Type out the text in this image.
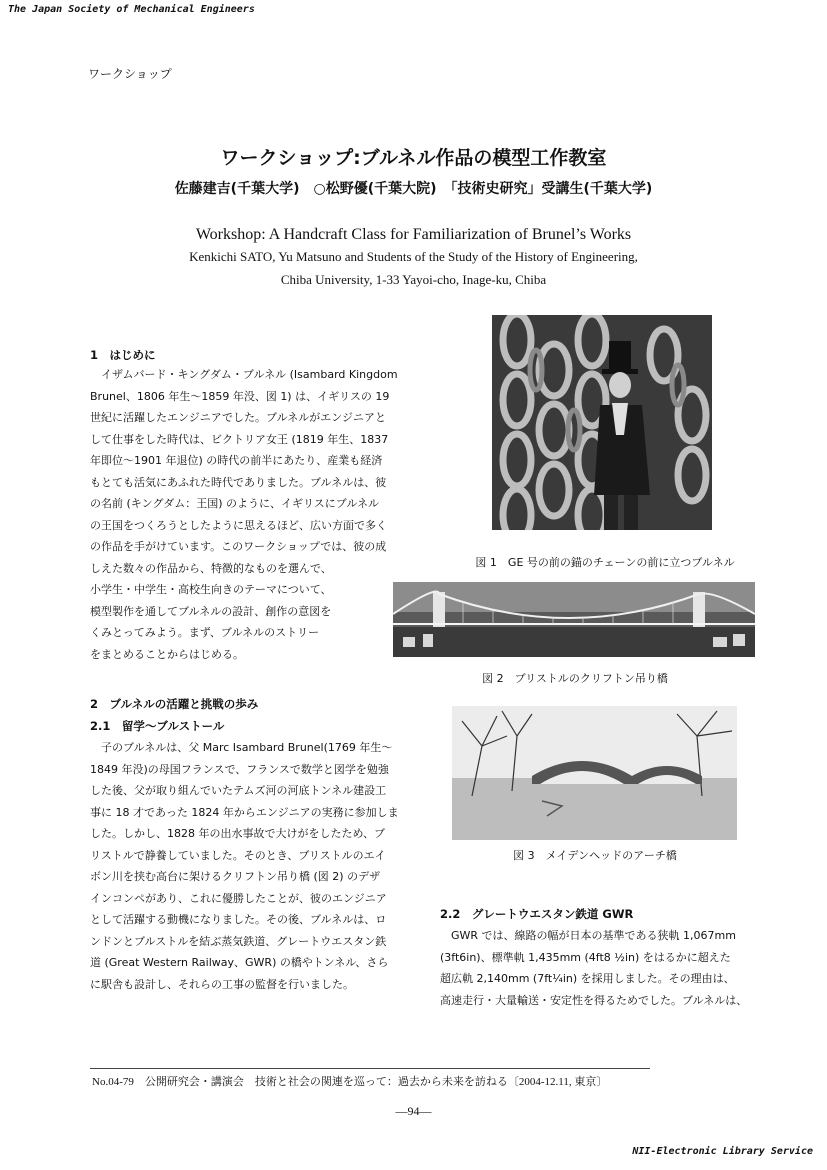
The Japan Society of Mechanical Engineers
ワークショップ
ワークショップ:ブルネル作品の模型工作教室
佐藤建吉(千葉大学)　○松野優(千葉大院)　「技術史研究」受講生(千葉大学)
Workshop: A Handcraft Class for Familiarization of Brunel’s Works
Kenkichi SATO, Yu Matsuno and Students of the Study of the History of Engineering,
Chiba University, 1-33 Yayoi-cho, Inage-ku, Chiba
1　はじめに
　イザムバード・キングダム・ブルネル (Isambard Kingdom
Brunel、1806 年生～1859 年没、図 1) は、イギリスの 19
世紀に活躍したエンジニアでした。ブルネルがエンジニアと
して仕事をした時代は、ビクトリア女王 (1819 年生、1837
年即位～1901 年退位) の時代の前半にあたり、産業も経済
もとても活気にあふれた時代でありました。ブルネルは、彼
の名前 (キングダム：王国) のように、イギリスにブルネル
の王国をつくろうとしたように思えるほど、広い方面で多く
の作品を手がけています。このワークショップでは、彼の成
しえた数々の作品から、特徴的なものを選んで、
小学生・中学生・高校生向きのテーマについて、
模型製作を通してブルネルの設計、創作の意図を
くみとってみよう。まず、ブルネルのストリー
をまとめることからはじめる。
2　ブルネルの活躍と挑戦の歩み
2.1　留学～ブルストール
　子のブルネルは、父 Marc Isambard Brunel(1769 年生～
1849 年没)の母国フランスで、フランスで数学と図学を勉強
した後、父が取り組んでいたテムズ河の河底トンネル建設工
事に 18 才であった 1824 年からエンジニアの実務に参加しま
した。しかし、1828 年の出水事故で大けがをしたため、ブ
リストルで静養していました。そのとき、ブリストルのエイ
ボン川を挟む高台に架けるクリフトン吊り橋 (図 2) のデザ
インコンペがあり、これに優勝したことが、彼のエンジニア
として活躍する動機になりました。その後、ブルネルは、ロ
ンドンとブルストルを結ぶ蒸気鉄道、グレートウエスタン鉄
道 (Great Western Railway、GWR) の橋やトンネル、さら
に駅舎も設計し、それらの工事の監督を行いました。
図 1　GE 号の前の錨のチェーンの前に立つブルネル
図 2　ブリストルのクリフトン吊り橋
図 3　メイデンヘッドのアーチ橋
2.2　グレートウエスタン鉄道 GWR
　GWR では、線路の幅が日本の基準である狭軌 1,067mm
(3ft6in)、標準軌 1,435mm (4ft8 ½in) をはるかに超えた
超広軌 2,140mm (7ft¼in) を採用しました。その理由は、
高速走行・大量輸送・安定性を得るためでした。ブルネルは、
No.04-79　公開研究会・講演会　技術と社会の関連を巡って：過去から未来を訪ねる〔2004-12.11, 東京〕
—94—
NII-Electronic Library Service
